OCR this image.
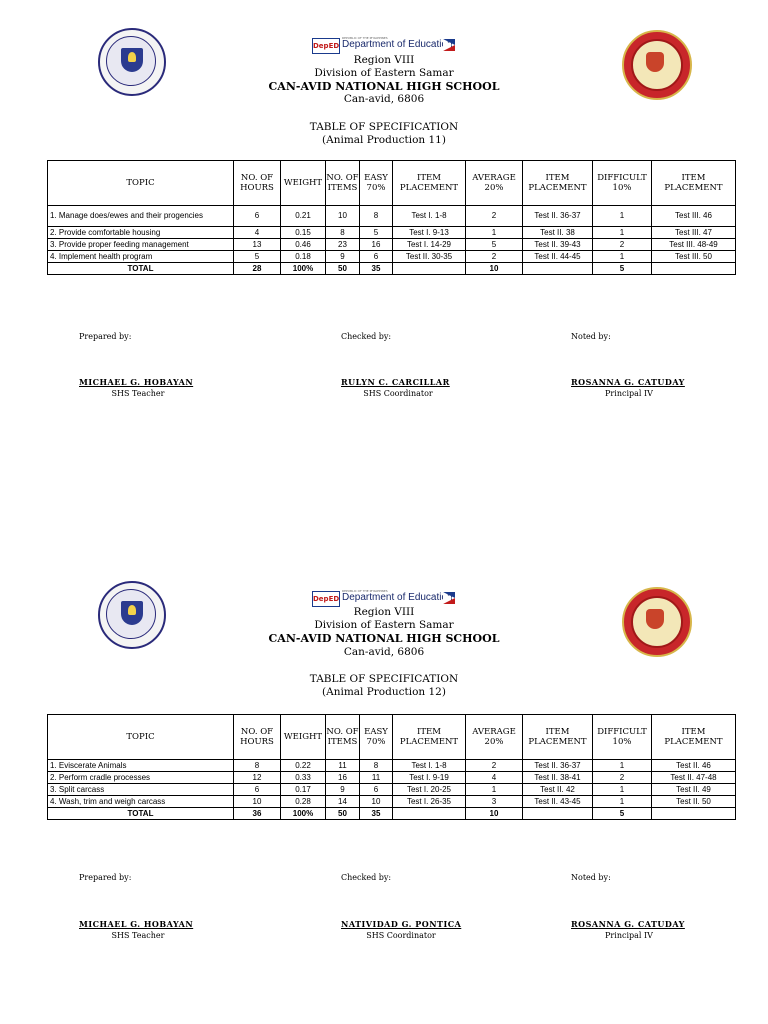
DepED
REPUBLIC OF THE PHILIPPINES
Department of Education
Region VIII
Division of Eastern Samar
CAN-AVID NATIONAL HIGH SCHOOL
Can-avid, 6806
TABLE OF SPECIFICATION
(Animal Production 11)
TOPIC	NO. OF HOURS	WEIGHT	NO. OF ITEMS	EASY 70%	ITEM PLACEMENT	AVERAGE 20%	ITEM PLACEMENT	DIFFICULT 10%	ITEM PLACEMENT
1. Manage does/ewes and their progencies	6	0.21	10	8	Test I. 1-8	2	Test II. 36-37	1	Test III. 46
2. Provide comfortable housing	4	0.15	8	5	Test I. 9-13	1	Test II. 38	1	Test III. 47
3. Provide proper feeding management	13	0.46	23	16	Test I. 14-29	5	Test II. 39-43	2	Test III. 48-49
4. Implement health program	5	0.18	9	6	Test II. 30-35	2	Test II. 44-45	1	Test III. 50
TOTAL	28	100%	50	35		10		5	
Prepared by:	Checked by:	Noted by:
MICHAEL G. HOBAYAN
SHS Teacher
RULYN C. CARCILLAR
SHS Coordinator
ROSANNA G. CATUDAY
Principal IV
DepED
REPUBLIC OF THE PHILIPPINES
Department of Education
Region VIII
Division of Eastern Samar
CAN-AVID NATIONAL HIGH SCHOOL
Can-avid, 6806
TABLE OF SPECIFICATION
(Animal Production 12)
TOPIC	NO. OF HOURS	WEIGHT	NO. OF ITEMS	EASY 70%	ITEM PLACEMENT	AVERAGE 20%	ITEM PLACEMENT	DIFFICULT 10%	ITEM PLACEMENT
1. Eviscerate Animals	8	0.22	11	8	Test I. 1-8	2	Test II. 36-37	1	Test II. 46
2. Perform cradle processes	12	0.33	16	11	Test I. 9-19	4	Test II. 38-41	2	Test II. 47-48
3. Split carcass	6	0.17	9	6	Test I. 20-25	1	Test II. 42	1	Test II. 49
4. Wash, trim and weigh carcass	10	0.28	14	10	Test I. 26-35	3	Test II. 43-45	1	Test II. 50
TOTAL	36	100%	50	35		10		5	
Prepared by:	Checked by:	Noted by:
MICHAEL G. HOBAYAN
SHS Teacher
NATIVIDAD G. PONTICA
SHS Coordinator
ROSANNA G. CATUDAY
Principal IV
